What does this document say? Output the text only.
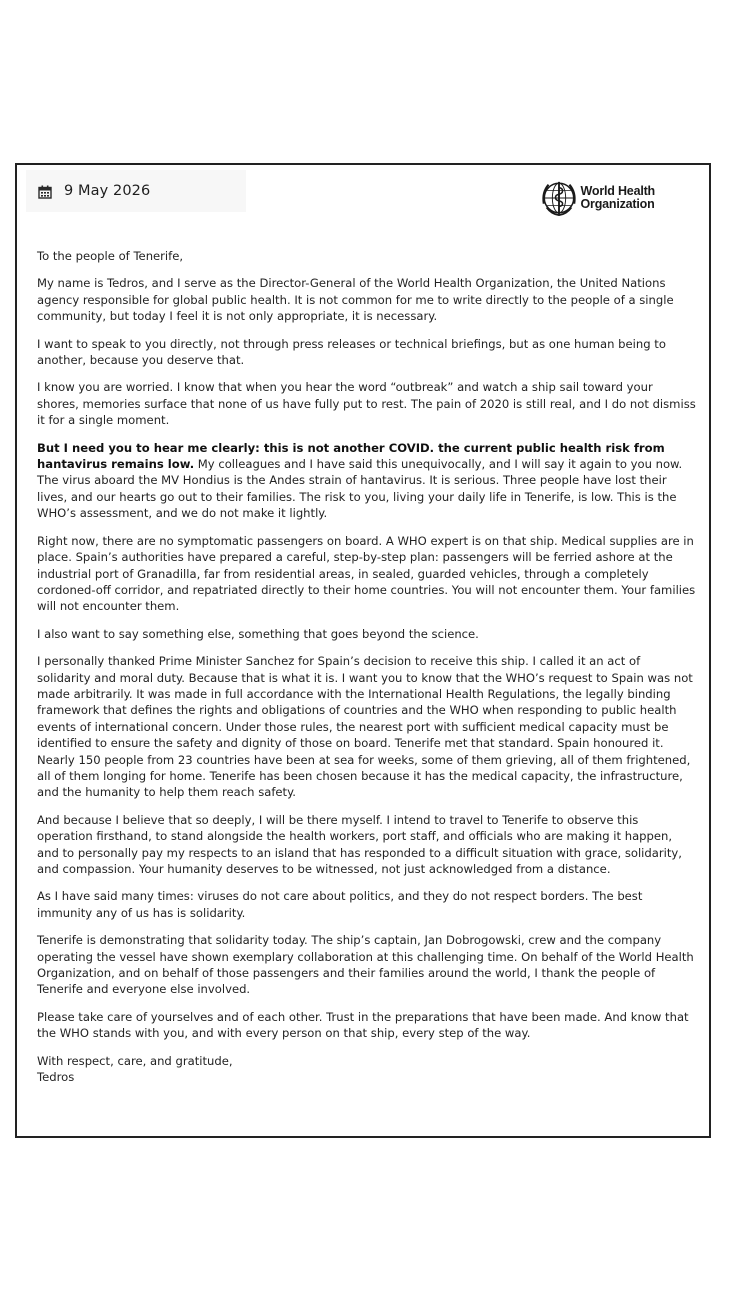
9 May 2026	World Health
Organization

To the people of Tenerife,

My name is Tedros, and I serve as the Director-General of the World Health Organization, the United Nations agency responsible for global public health. It is not common for me to write directly to the people of a single community, but today I feel it is not only appropriate, it is necessary.

I want to speak to you directly, not through press releases or technical briefings, but as one human being to another, because you deserve that.

I know you are worried. I know that when you hear the word “outbreak” and watch a ship sail toward your shores, memories surface that none of us have fully put to rest. The pain of 2020 is still real, and I do not dismiss it for a single moment.

But I need you to hear me clearly: this is not another COVID. the current public health risk from hantavirus remains low. My colleagues and I have said this unequivocally, and I will say it again to you now. The virus aboard the MV Hondius is the Andes strain of hantavirus. It is serious. Three people have lost their lives, and our hearts go out to their families. The risk to you, living your daily life in Tenerife, is low. This is the WHO’s assessment, and we do not make it lightly.

Right now, there are no symptomatic passengers on board. A WHO expert is on that ship. Medical supplies are in place. Spain’s authorities have prepared a careful, step-by-step plan: passengers will be ferried ashore at the industrial port of Granadilla, far from residential areas, in sealed, guarded vehicles, through a completely cordoned-off corridor, and repatriated directly to their home countries. You will not encounter them. Your families will not encounter them.

I also want to say something else, something that goes beyond the science.

I personally thanked Prime Minister Sanchez for Spain’s decision to receive this ship. I called it an act of solidarity and moral duty. Because that is what it is. I want you to know that the WHO’s request to Spain was not made arbitrarily. It was made in full accordance with the International Health Regulations, the legally binding framework that defines the rights and obligations of countries and the WHO when responding to public health events of international concern. Under those rules, the nearest port with sufficient medical capacity must be identified to ensure the safety and dignity of those on board. Tenerife met that standard. Spain honoured it. Nearly 150 people from 23 countries have been at sea for weeks, some of them grieving, all of them frightened, all of them longing for home. Tenerife has been chosen because it has the medical capacity, the infrastructure, and the humanity to help them reach safety.

And because I believe that so deeply, I will be there myself. I intend to travel to Tenerife to observe this operation firsthand, to stand alongside the health workers, port staff, and officials who are making it happen, and to personally pay my respects to an island that has responded to a difficult situation with grace, solidarity, and compassion. Your humanity deserves to be witnessed, not just acknowledged from a distance.

As I have said many times: viruses do not care about politics, and they do not respect borders. The best immunity any of us has is solidarity.

Tenerife is demonstrating that solidarity today. The ship’s captain, Jan Dobrogowski, crew and the company operating the vessel have shown exemplary collaboration at this challenging time. On behalf of the World Health Organization, and on behalf of those passengers and their families around the world, I thank the people of Tenerife and everyone else involved.

Please take care of yourselves and of each other. Trust in the preparations that have been made. And know that the WHO stands with you, and with every person on that ship, every step of the way.

With respect, care, and gratitude,

Tedros
